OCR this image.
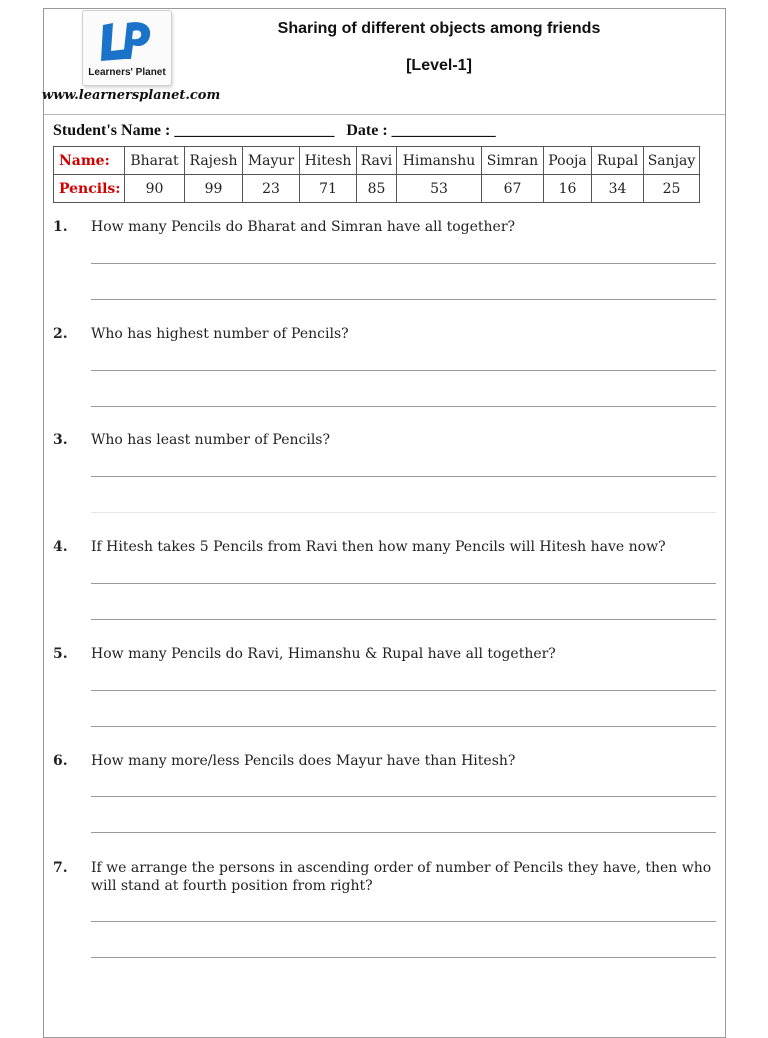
Learners' Planet
www.learnersplanet.com
Sharing of different objects among friends
[Level-1]
Student's Name : ____________________ Date : _____________
Name:	Bharat	Rajesh	Mayur	Hitesh	Ravi	Himanshu	Simran	Pooja	Rupal	Sanjay
Pencils:	90	99	23	71	85	53	67	16	34	25
1. How many Pencils do Bharat and Simran have all together?
2. Who has highest number of Pencils?
3. Who has least number of Pencils?
4. If Hitesh takes 5 Pencils from Ravi then how many Pencils will Hitesh have now?
5. How many Pencils do Ravi, Himanshu & Rupal have all together?
6. How many more/less Pencils does Mayur have than Hitesh?
7. If we arrange the persons in ascending order of number of Pencils they have, then who will stand at fourth position from right?
